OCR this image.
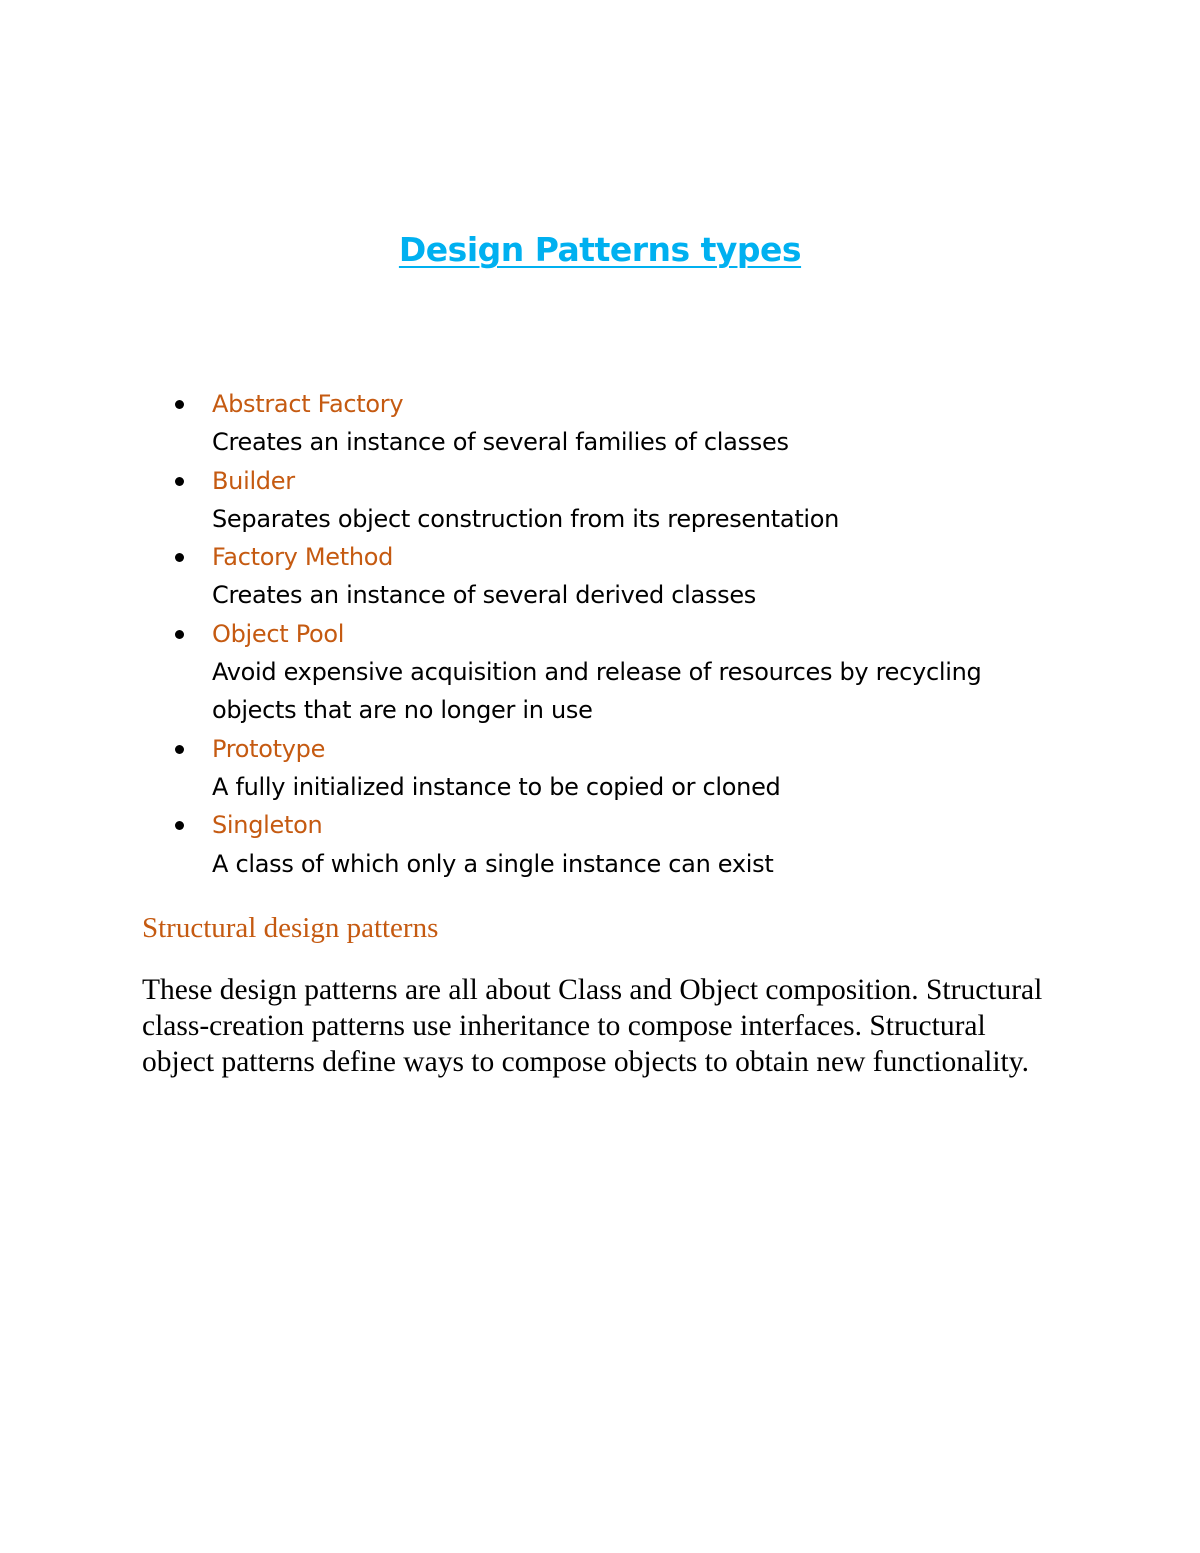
Design Patterns types
Abstract Factory
Creates an instance of several families of classes
Builder
Separates object construction from its representation
Factory Method
Creates an instance of several derived classes
Object Pool
Avoid expensive acquisition and release of resources by recycling objects that are no longer in use
Prototype
A fully initialized instance to be copied or cloned
Singleton
A class of which only a single instance can exist
Structural design patterns

These design patterns are all about Class and Object composition. Structural class-creation patterns use inheritance to compose interfaces. Structural object patterns define ways to compose objects to obtain new functionality.
